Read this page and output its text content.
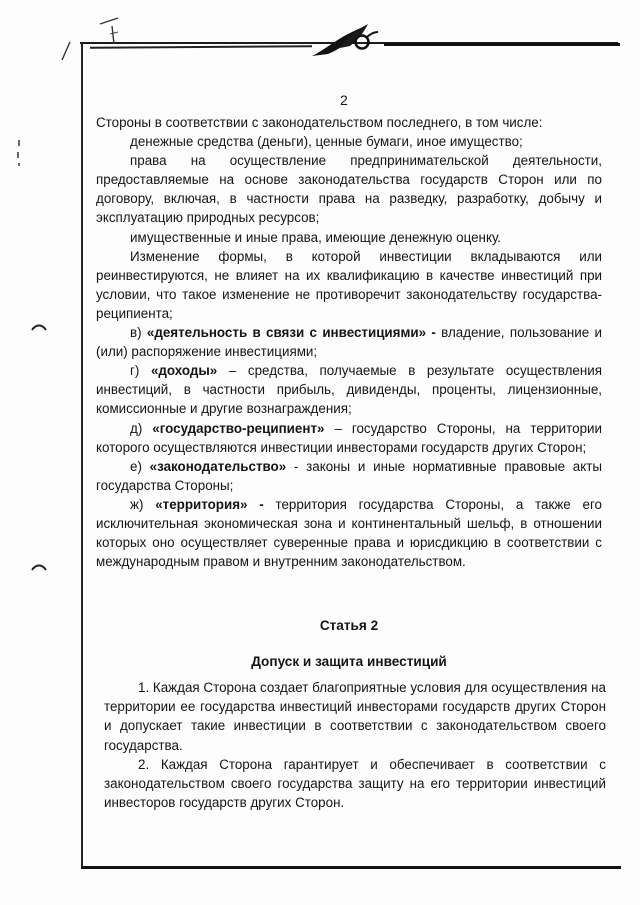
2

Стороны в соответствии с законодательством последнего, в том числе:

денежные средства (деньги), ценные бумаги, иное имущество;

права на осуществление предпринимательской деятельности, предоставляемые на основе законодательства государств Сторон или по договору, включая, в частности права на разведку, разработку, добычу и эксплуатацию природных ресурсов;

имущественные и иные права, имеющие денежную оценку.

Изменение формы, в которой инвестиции вкладываются или реинвестируются, не влияет на их квалификацию в качестве инвестиций при условии, что такое изменение не противоречит законодательству государства- реципиента;

в) «деятельность в связи с инвестициями» - владение, пользование и (или) распоряжение инвестициями;

г) «доходы» – средства, получаемые в результате осуществления инвестиций, в частности прибыль, дивиденды, проценты, лицензионные, комиссионные и другие вознаграждения;

д) «государство-реципиент» – государство Стороны, на территории которого осуществляются инвестиции инвесторами государств других Сторон;

е) «законодательство» - законы и иные нормативные правовые акты государства Стороны;

ж) «территория» - территория государства Стороны, а также его исключительная экономическая зона и континентальный шельф, в отношении которых оно осуществляет суверенные права и юрисдикцию в соответствии с международным правом и внутренним законодательством.

Статья 2
Допуск и защита инвестиций

1. Каждая Сторона создает благоприятные условия для осуществления на территории ее государства инвестиций инвесторами государств других Сторон и допускает такие инвестиции в соответствии с законодательством своего государства.

2. Каждая Сторона гарантирует и обеспечивает в соответствии с законодательством своего государства защиту на его территории инвестиций инвесторов государств других Сторон.
